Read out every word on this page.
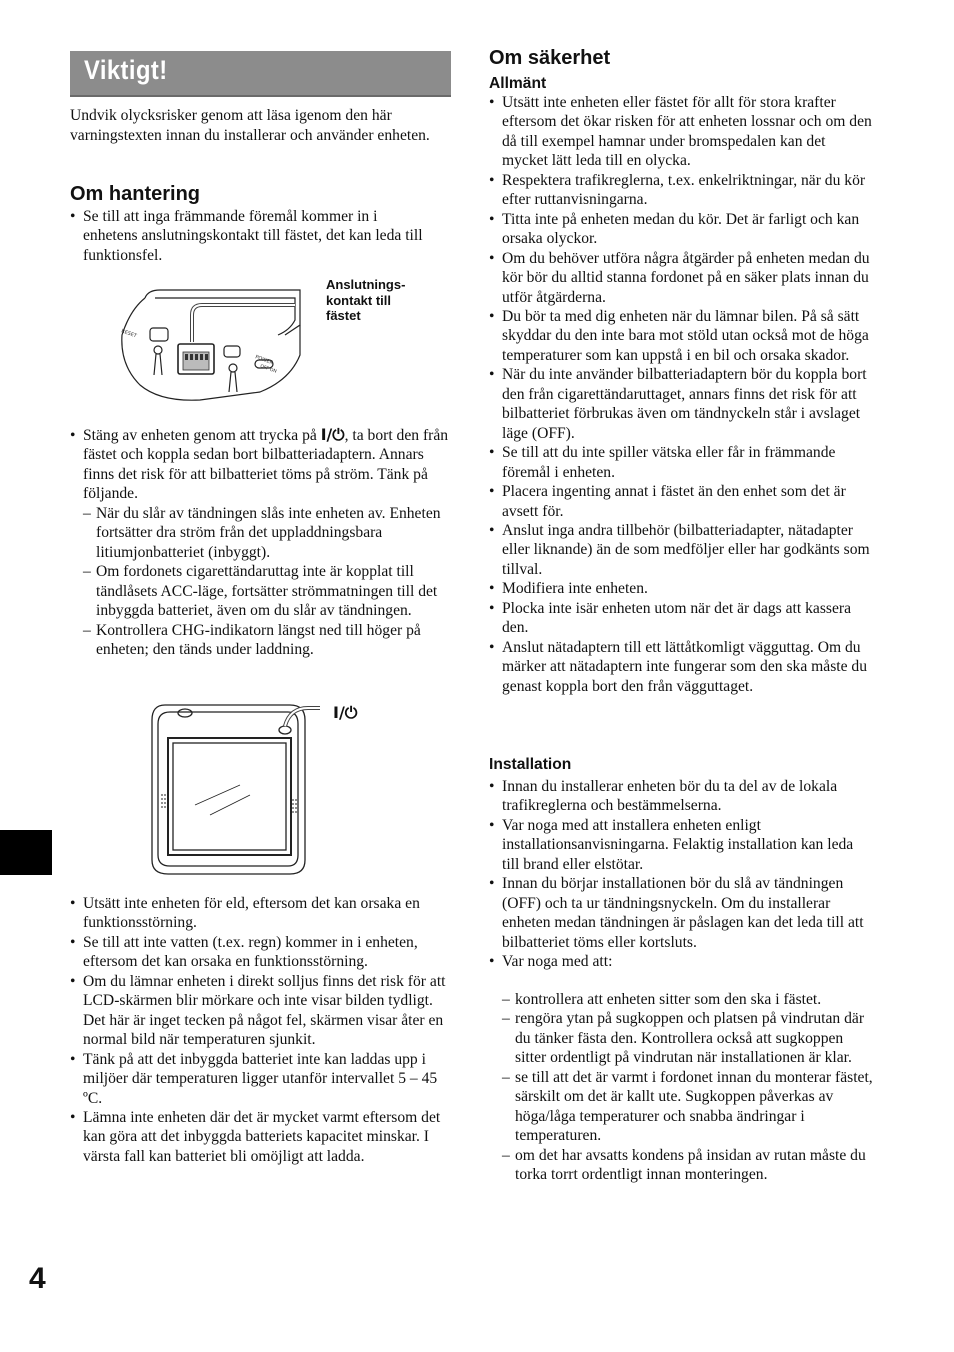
Viktigt!

Undvik olycksrisker genom att läsa igenom den här varningstexten innan du installerar och använder enheten.

Om hantering
• Se till att inga främmande föremål kommer in i enhetens anslutningskontakt till fästet, det kan leda till funktionsfel.
RESET
POWER
OFF ON
Anslutnings-
kontakt till
fästet
• Stäng av enheten genom att trycka på I/⏻, ta bort den från fästet och koppla sedan bort bilbatteriadaptern. Annars finns det risk för att bilbatteriet töms på ström. Tänk på följande.
– När du slår av tändningen slås inte enheten av. Enheten fortsätter dra ström från det uppladdningsbara litiumjonbatteriet (inbyggt).
– Om fordonets cigarettändaruttag inte är kopplat till tändlåsets ACC-läge, fortsätter strömmatningen till det inbyggda batteriet, även om du slår av tändningen.
– Kontrollera CHG-indikatorn längst ned till höger på enheten; den tänds under laddning.
I/⏻
• Utsätt inte enheten för eld, eftersom det kan orsaka en funktionsstörning.
• Se till att inte vatten (t.ex. regn) kommer in i enheten, eftersom det kan orsaka en funktionsstörning.
• Om du lämnar enheten i direkt solljus finns det risk för att LCD-skärmen blir mörkare och inte visar bilden tydligt. Det här är inget tecken på något fel, skärmen visar åter en normal bild när temperaturen sjunkit.
• Tänk på att det inbyggda batteriet inte kan laddas upp i miljöer där temperaturen ligger utanför intervallet 5 – 45 ºC.
• Lämna inte enheten där det är mycket varmt eftersom det kan göra att det inbyggda batteriets kapacitet minskar. I värsta fall kan batteriet bli omöjligt att ladda.
Om säkerhet
Allmänt
• Utsätt inte enheten eller fästet för allt för stora krafter eftersom det ökar risken för att enheten lossnar och om den då till exempel hamnar under bromspedalen kan det mycket lätt leda till en olycka.
• Respektera trafikreglerna, t.ex. enkelriktningar, när du kör efter ruttanvisningarna.
• Titta inte på enheten medan du kör. Det är farligt och kan orsaka olyckor.
• Om du behöver utföra några åtgärder på enheten medan du kör bör du alltid stanna fordonet på en säker plats innan du utför åtgärderna.
• Du bör ta med dig enheten när du lämnar bilen. På så sätt skyddar du den inte bara mot stöld utan också mot de höga temperaturer som kan uppstå i en bil och orsaka skador.
• När du inte använder bilbatteriadaptern bör du koppla bort den från cigarettändaruttaget, annars finns det risk för att bilbatteriet förbrukas även om tändnyckeln står i avslaget läge (OFF).
• Se till att du inte spiller vätska eller får in främmande föremål i enheten.
• Placera ingenting annat i fästet än den enhet som det är avsett för.
• Anslut inga andra tillbehör (bilbatteriadapter, nätadapter eller liknande) än de som medföljer eller har godkänts som tillval.
• Modifiera inte enheten.
• Plocka inte isär enheten utom när det är dags att kassera den.
• Anslut nätadaptern till ett lättåtkomligt vägguttag. Om du märker att nätadaptern inte fungerar som den ska måste du genast koppla bort den från vägguttaget.
Installation
• Innan du installerar enheten bör du ta del av de lokala trafikreglerna och bestämmelserna.
• Var noga med att installera enheten enligt installationsanvisningarna. Felaktig installation kan leda till brand eller elstötar.
• Innan du börjar installationen bör du slå av tändningen (OFF) och ta ur tändningsnyckeln. Om du installerar enheten medan tändningen är påslagen kan det leda till att bilbatteriet töms eller kortsluts.
• Var noga med att:
– kontrollera att enheten sitter som den ska i fästet.
– rengöra ytan på sugkoppen och platsen på vindrutan där du tänker fästa den. Kontrollera också att sugkoppen sitter ordentligt på vindrutan när installationen är klar.
– se till att det är varmt i fordonet innan du monterar fästet, särskilt om det är kallt ute. Sugkoppen påverkas av höga/låga temperaturer och snabba ändringar i temperaturen.
– om det har avsatts kondens på insidan av rutan måste du torka torrt ordentligt innan monteringen.
4
